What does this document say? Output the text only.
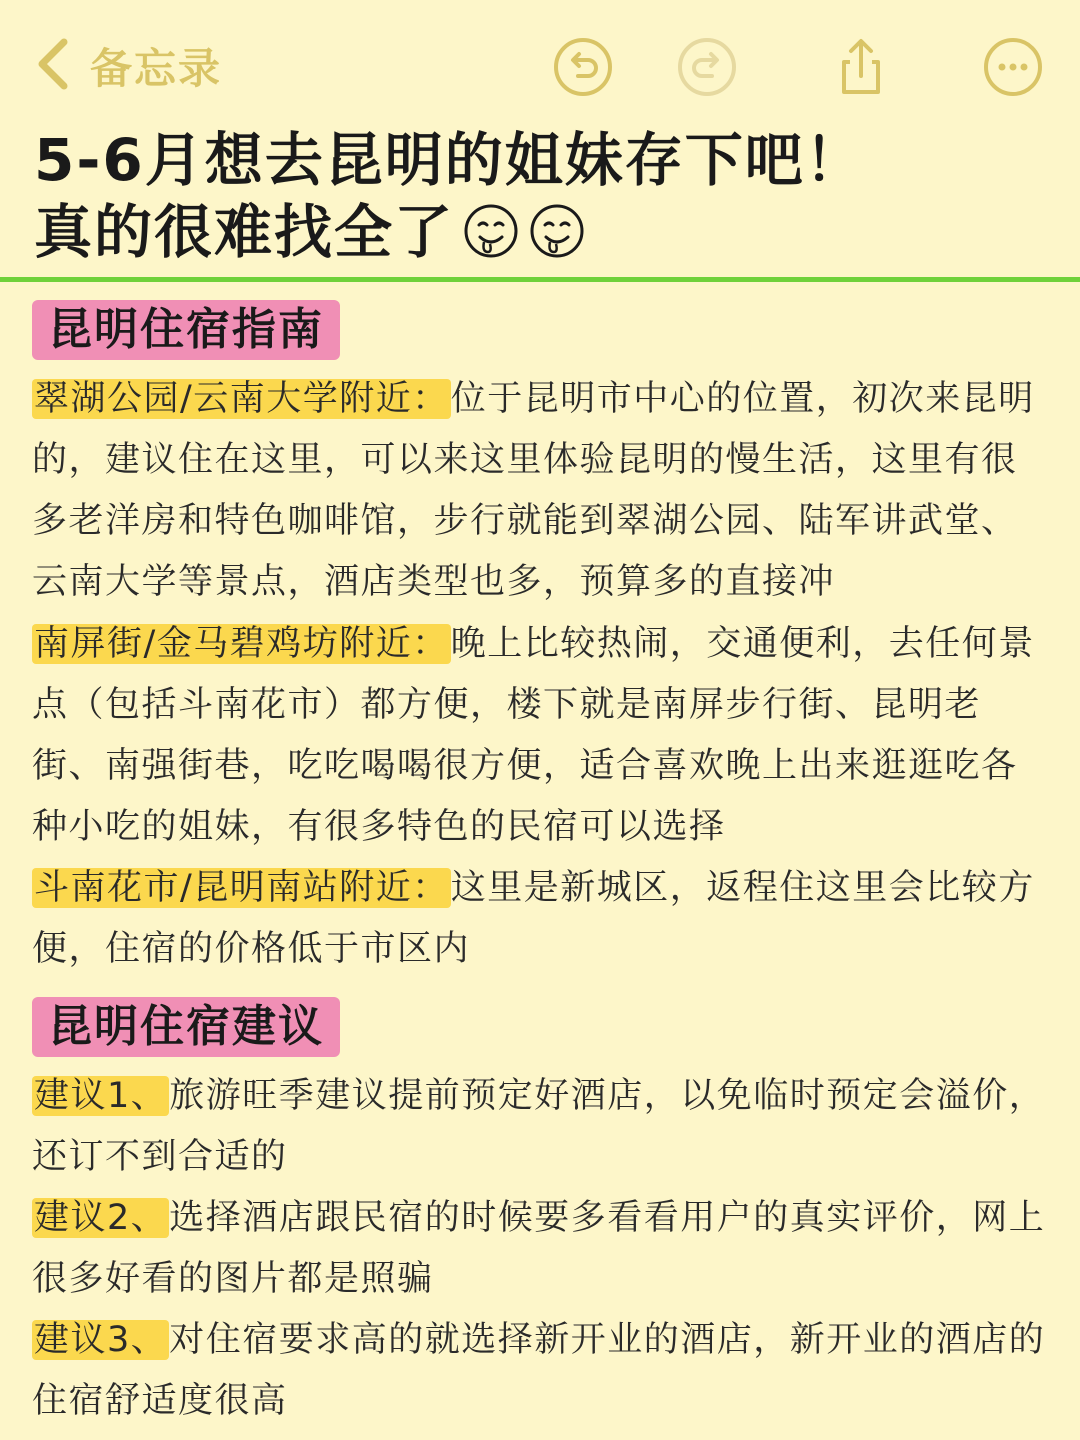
备忘录
5-6月想去昆明的姐妹存下吧！
真的很难找全了
昆明住宿指南
翠湖公园/云南大学附近：位于昆明市中心的位置，初次来昆明的，建议住在这里，可以来这里体验昆明的慢生活，这里有很多老洋房和特色咖啡馆，步行就能到翠湖公园、陆军讲武堂、云南大学等景点，酒店类型也多，预算多的直接冲
南屏街/金马碧鸡坊附近：晚上比较热闹，交通便利，去任何景点（包括斗南花市）都方便，楼下就是南屏步行街、昆明老街、南强街巷，吃吃喝喝很方便，适合喜欢晚上出来逛逛吃各种小吃的姐妹，有很多特色的民宿可以选择
斗南花市/昆明南站附近：这里是新城区，返程住这里会比较方便，住宿的价格低于市区内
昆明住宿建议
建议1、旅游旺季建议提前预定好酒店，以免临时预定会溢价，还订不到合适的
建议2、选择酒店跟民宿的时候要多看看用户的真实评价，网上很多好看的图片都是照骗
建议3、对住宿要求高的就选择新开业的酒店，新开业的酒店的住宿舒适度很高
